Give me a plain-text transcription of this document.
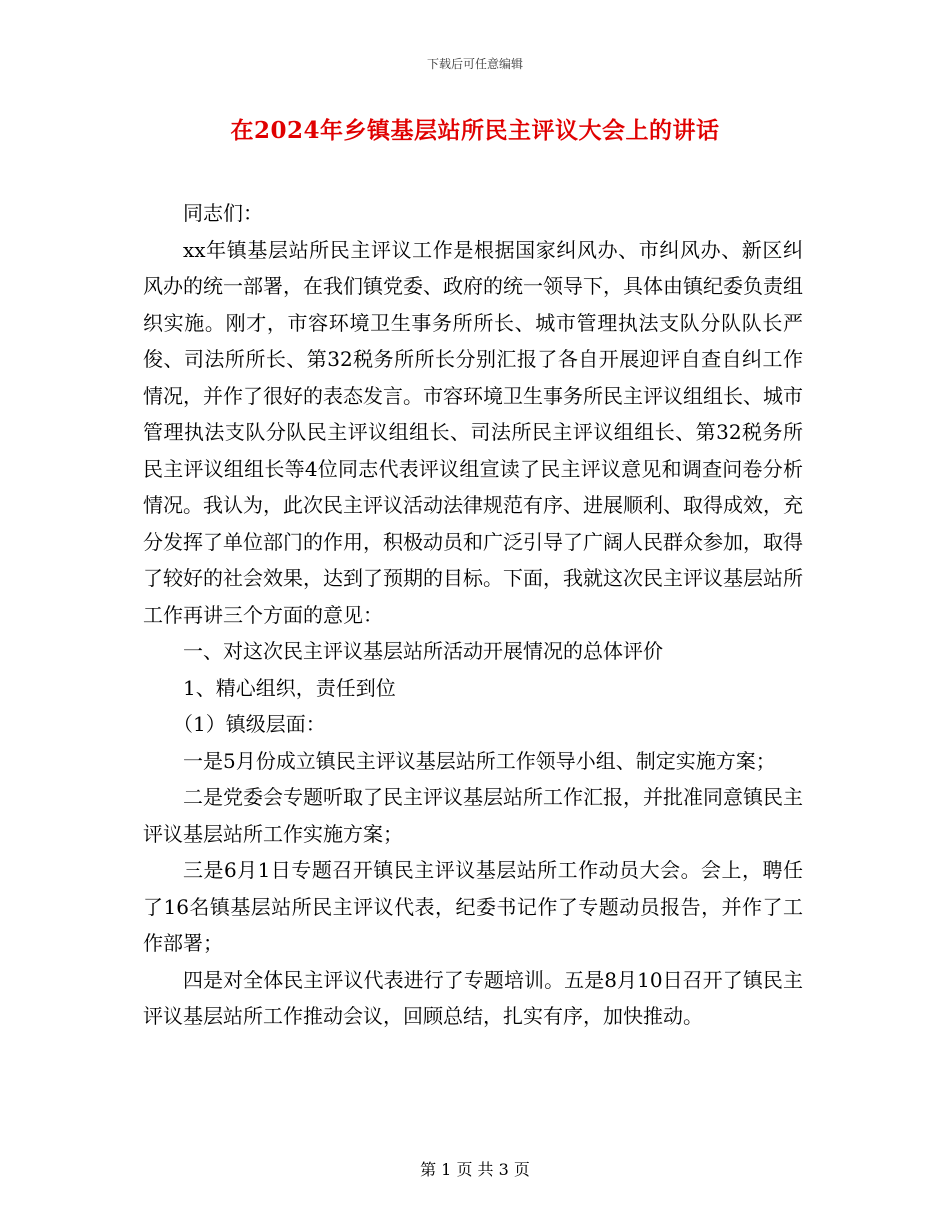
下载后可任意编辑
在2024年乡镇基层站所民主评议大会上的讲话

同志们：

xx年镇基层站所民主评议工作是根据国家纠风办、市纠风办、新区纠风办的统一部署，在我们镇党委、政府的统一领导下，具体由镇纪委负责组织实施。刚才，市容环境卫生事务所所长、城市管理执法支队分队队长严俊、司法所所长、第32税务所所长分别汇报了各自开展迎评自查自纠工作情况，并作了很好的表态发言。市容环境卫生事务所民主评议组组长、城市管理执法支队分队民主评议组组长、司法所民主评议组组长、第32税务所民主评议组组长等4位同志代表评议组宣读了民主评议意见和调查问卷分析情况。我认为，此次民主评议活动法律规范有序、进展顺利、取得成效，充分发挥了单位部门的作用，积极动员和广泛引导了广阔人民群众参加，取得了较好的社会效果，达到了预期的目标。下面，我就这次民主评议基层站所工作再讲三个方面的意见：

一、对这次民主评议基层站所活动开展情况的总体评价

1、精心组织，责任到位

（1）镇级层面：

一是5月份成立镇民主评议基层站所工作领导小组、制定实施方案；

二是党委会专题听取了民主评议基层站所工作汇报，并批准同意镇民主评议基层站所工作实施方案；

三是6月1日专题召开镇民主评议基层站所工作动员大会。会上，聘任了16名镇基层站所民主评议代表，纪委书记作了专题动员报告，并作了工作部署；

四是对全体民主评议代表进行了专题培训。五是8月10日召开了镇民主评议基层站所工作推动会议，回顾总结，扎实有序，加快推动。

第 1 页 共 3 页
